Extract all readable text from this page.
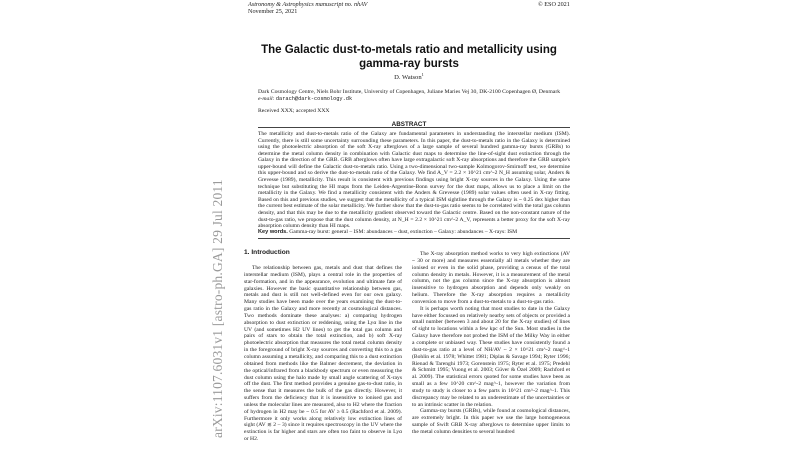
Astronomy & Astrophysics manuscript no. nhAV
November 25, 2021
© ESO 2021
The Galactic dust-to-metals ratio and metallicity using gamma-ray bursts
D. Watson$^1$
Dark Cosmology Centre, Niels Bohr Institute, University of Copenhagen, Juliane Maries Vej 30, DK-2100 Copenhagen Ø, Denmark
e-mail: darach@dark-cosmology.dk
Received XXX; accepted XXX
ABSTRACT

The metallicity and dust-to-metals ratio of the Galaxy are fundamental parameters in understanding the interstellar medium (ISM). Currently, there is still some uncertainty surrounding these parameters. In this paper, the dust-to-metals ratio in the Galaxy is determined using the photoelectric absorption of the soft X-ray afterglows of a large sample of several hundred gamma-ray bursts (GRBs) to determine the metal column density in combination with Galactic dust maps to determine the line-of-sight dust extinction through the Galaxy in the direction of the GRB. GRB afterglows often have large extragalactic soft X-ray absorptions and therefore the GRB sample's upper-bound will define the Galactic dust-to-metals ratio. Using a two-dimensional two-sample Kolmogorov-Smirnoff test, we determine this upper-bound and so derive the dust-to-metals ratio of the Galaxy. We find A_V = 2.2 × 10^21 cm^-2 N_H assuming solar, Anders & Grevesse (1989), metallicity. This result is consistent with previous findings using bright X-ray sources in the Galaxy. Using the same technique but substituting the HI maps from the Leiden-Argentine-Bonn survey for the dust maps, allows us to place a limit on the metallicity in the Galaxy. We find a metallicity consistent with the Anders & Grevesse (1989) solar values often used in X-ray fitting. Based on this and previous studies, we suggest that the metallicity of a typical ISM sightline through the Galaxy is ~ 0.25 dex higher than the current best estimate of the solar metallicity. We further show that the dust-to-gas ratio seems to be correlated with the total gas column density, and that this may be due to the metallicity gradient observed toward the Galactic centre. Based on the non-constant nature of the dust-to-gas ratio, we propose that the dust column density, at N_H = 2.2 × 10^21 cm^-2 A_V, represents a better proxy for the soft X-ray absorption column density than HI maps.

Key words. Gamma-ray burst: general – ISM: abundances – dust, extinction – Galaxy: abundances – X-rays: ISM
1. Introduction

The relationship between gas, metals and dust that defines the interstellar medium (ISM), plays a central role in the properties of star-formation, and in the appearance, evolution and ultimate fate of galaxies. However the basic quantitative relationship between gas, metals and dust is still not well-defined even for our own galaxy. Many studies have been made over the years examining the dust-to-gas ratio in the Galaxy and more recently at cosmological distances. Two methods dominate these analyses: a) comparing hydrogen absorption to dust extinction or reddening, using the Lyα line in the UV (and sometimes H2 UV lines) to get the total gas column and pairs of stars to obtain the total extinction, and b) soft X-ray photoelectric absorption that measures the total metal column density in the foreground of bright X-ray sources and converting this to a gas column assuming a metallicity, and comparing this to a dust extinction obtained from methods like the Balmer decrement, the deviation in the optical/infrared from a blackbody spectrum or even measuring the dust column using the halo made by small angle scattering of X-rays off the dust. The first method provides a genuine gas-to-dust ratio, in the sense that it measures the bulk of the gas directly. However, it suffers from the deficiency that it is insensitive to ionised gas and unless the molecular lines are measured, also to H2 where the fraction of hydrogen in H2 may be ~ 0.5 for AV ≥ 0.5 (Rachford et al. 2009). Furthermore it only works along relatively low extinction lines of sight (AV ≲ 2 – 3) since it requires spectroscopy in the UV where the extinction is far higher and stars are often too faint to observe in Lyα or H2.

The X-ray absorption method works to very high extinctions (AV ~ 30 or more) and measures essentially all metals whether they are ionised or even in the solid phase, providing a census of the total column density in metals. However, it is a measurement of the metal column, not the gas column since the X-ray absorption is almost insensitive to hydrogen absorption and depends only weakly on helium. Therefore the X-ray absorption requires a metallicity conversion to move from a dust-to-metals to a dust-to-gas ratio.

It is perhaps worth noting that most studies to date in the Galaxy have either focussed on relatively nearby sets of objects or provided a small number (between 3 and about 20 for the X-ray studies) of lines of sight to locations within a few kpc of the Sun. Most studies in the Galaxy have therefore not probed the ISM of the Milky Way in either a complete or unbiased way. These studies have consistently found a dust-to-gas ratio at a level of NH/AV ~ 2 × 10^21 cm^-2 mag^-1 (Bohlin et al. 1978; Whittet 1981; Diplas & Savage 1994; Ryter 1996; Rienad & Tarenghi 1973; Gorenstein 1975; Ryter et al. 1975; Predehl & Schmitt 1995; Vuong et al. 2003; Güver & Özel 2009; Rachford et al. 2009). The statistical errors quoted for some studies have been as small as a few 10^20 cm^-2 mag^-1, however the variation from study to study is closer to a few parts in 10^21 cm^-2 mag^-1. This discrepancy may be related to an underestimate of the uncertainties or to an intrinsic scatter in the relation.

Gamma-ray bursts (GRBs), while found at cosmological distances, are extremely bright. In this paper we use the large homogeneous sample of Swift GRB X-ray afterglows to determine upper limits to the metal column densities to several hundred

arXiv:1107.6031v1 [astro-ph.GA] 29 Jul 2011
